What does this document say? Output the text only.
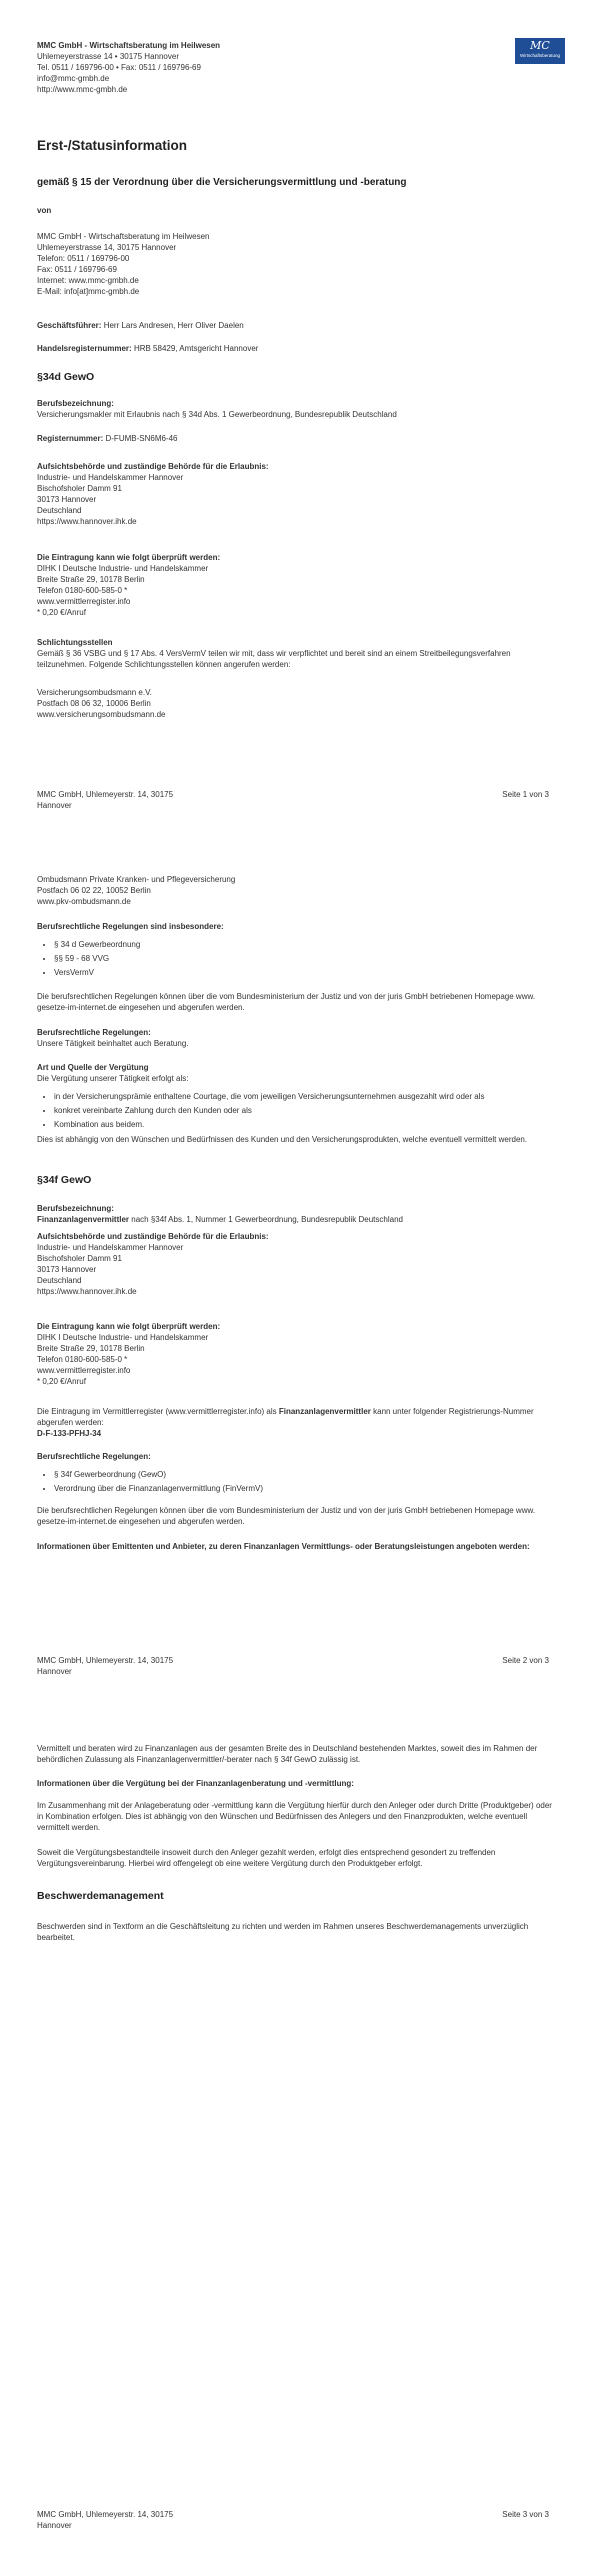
MMC GmbH - Wirtschaftsberatung im Heilwesen
Uhlemeyerstrasse 14 • 30175 Hannover
Tel. 0511 / 169796-00 • Fax: 0511 / 169796-69
info@mmc-gmbh.de
http://www.mmc-gmbh.de
MC
Wirtschaftsberatung
Erst-/Statusinformation
gemäß § 15 der Verordnung über die Versicherungsvermittlung und -beratung
von
MMC GmbH - Wirtschaftsberatung im Heilwesen
Uhlemeyerstrasse 14, 30175 Hannover
Telefon: 0511 / 169796-00
Fax: 0511 / 169796-69
Internet: www.mmc-gmbh.de
E-Mail: info[at]mmc-gmbh.de
Geschäftsführer: Herr Lars Andresen, Herr Oliver Daelen
Handelsregisternummer: HRB 58429, Amtsgericht Hannover
§34d GewO
Berufsbezeichnung:
Versicherungsmakler mit Erlaubnis nach § 34d Abs. 1 Gewerbeordnung, Bundesrepublik Deutschland
Registernummer: D-FUMB-SN6M6-46
Aufsichtsbehörde und zuständige Behörde für die Erlaubnis:
Industrie- und Handelskammer Hannover
Bischofsholer Damm 91
30173 Hannover
Deutschland
https://www.hannover.ihk.de
Die Eintragung kann wie folgt überprüft werden:
DIHK I Deutsche Industrie- und Handelskammer
Breite Straße 29, 10178 Berlin
Telefon 0180-600-585-0 *
www.vermittlerregister.info
* 0,20 €/Anruf
Schlichtungsstellen

Gemäß § 36 VSBG und § 17 Abs. 4 VersVermV teilen wir mit, dass wir verpflichtet und bereit sind an einem Streitbeilegungsverfahren teilzunehmen. Folgende Schlichtungsstellen können angerufen werden:

Versicherungsombudsmann e.V.
Postfach 08 06 32, 10006 Berlin
www.versicherungsombudsmann.de
MMC GmbH, Uhlemeyerstr. 14, 30175
Hannover
Seite 1 von 3
Ombudsmann Private Kranken- und Pflegeversicherung
Postfach 06 02 22, 10052 Berlin
www.pkv-ombudsmann.de
Berufsrechtliche Regelungen sind insbesondere:
• § 34 d Gewerbeordnung
• §§ 59 - 68 VVG
• VersVermV

Die berufsrechtlichen Regelungen können über die vom Bundesministerium der Justiz und von der juris GmbH betriebenen Homepage www. gesetze-im-internet.de eingesehen und abgerufen werden.

Berufsrechtliche Regelungen:
Unsere Tätigkeit beinhaltet auch Beratung.
Art und Quelle der Vergütung
Die Vergütung unserer Tätigkeit erfolgt als:
• in der Versicherungsprämie enthaltene Courtage, die vom jeweiligen Versicherungsunternehmen ausgezahlt wird oder als
• konkret vereinbarte Zahlung durch den Kunden oder als
• Kombination aus beidem.

Dies ist abhängig von den Wünschen und Bedürfnissen des Kunden und den Versicherungsprodukten, welche eventuell vermittelt werden.

§34f GewO
Berufsbezeichnung:
Finanzanlagenvermittler nach §34f Abs. 1, Nummer 1 Gewerbeordnung, Bundesrepublik Deutschland
Aufsichtsbehörde und zuständige Behörde für die Erlaubnis:
Industrie- und Handelskammer Hannover
Bischofsholer Damm 91
30173 Hannover
Deutschland
https://www.hannover.ihk.de
Die Eintragung kann wie folgt überprüft werden:
DIHK I Deutsche Industrie- und Handelskammer
Breite Straße 29, 10178 Berlin
Telefon 0180-600-585-0 *
www.vermittlerregister.info
* 0,20 €/Anruf

Die Eintragung im Vermittlerregister (www.vermittlerregister.info) als Finanzanlagenvermittler kann unter folgender Registrierungs-Nummer abgerufen werden:

D-F-133-PFHJ-34
Berufsrechtliche Regelungen:
• § 34f Gewerbeordnung (GewO)
• Verordnung über die Finanzanlagenvermittlung (FinVermV)

Die berufsrechtlichen Regelungen können über die vom Bundesministerium der Justiz und von der juris GmbH betriebenen Homepage www. gesetze-im-internet.de eingesehen und abgerufen werden.

Informationen über Emittenten und Anbieter, zu deren Finanzanlagen Vermittlungs- oder Beratungsleistungen angeboten werden:

MMC GmbH, Uhlemeyerstr. 14, 30175
Hannover
Seite 2 von 3

Vermittelt und beraten wird zu Finanzanlagen aus der gesamten Breite des in Deutschland bestehenden Marktes, soweit dies im Rahmen der behördlichen Zulassung als Finanzanlagenvermittler/-berater nach § 34f GewO zulässig ist.

Informationen über die Vergütung bei der Finanzanlagenberatung und -vermittlung:

Im Zusammenhang mit der Anlageberatung oder -vermittlung kann die Vergütung hierfür durch den Anleger oder durch Dritte (Produktgeber) oder in Kombination erfolgen. Dies ist abhängig von den Wünschen und Bedürfnissen des Anlegers und den Finanzprodukten, welche eventuell vermittelt werden.

Soweit die Vergütungsbestandteile insoweit durch den Anleger gezahlt werden, erfolgt dies entsprechend gesondert zu treffenden Vergütungsvereinbarung. Hierbei wird offengelegt ob eine weitere Vergütung durch den Produktgeber erfolgt.

Beschwerdemanagement

Beschwerden sind in Textform an die Geschäftsleitung zu richten und werden im Rahmen unseres Beschwerdemanagements unverzüglich bearbeitet.

MMC GmbH, Uhlemeyerstr. 14, 30175
Hannover
Seite 3 von 3
